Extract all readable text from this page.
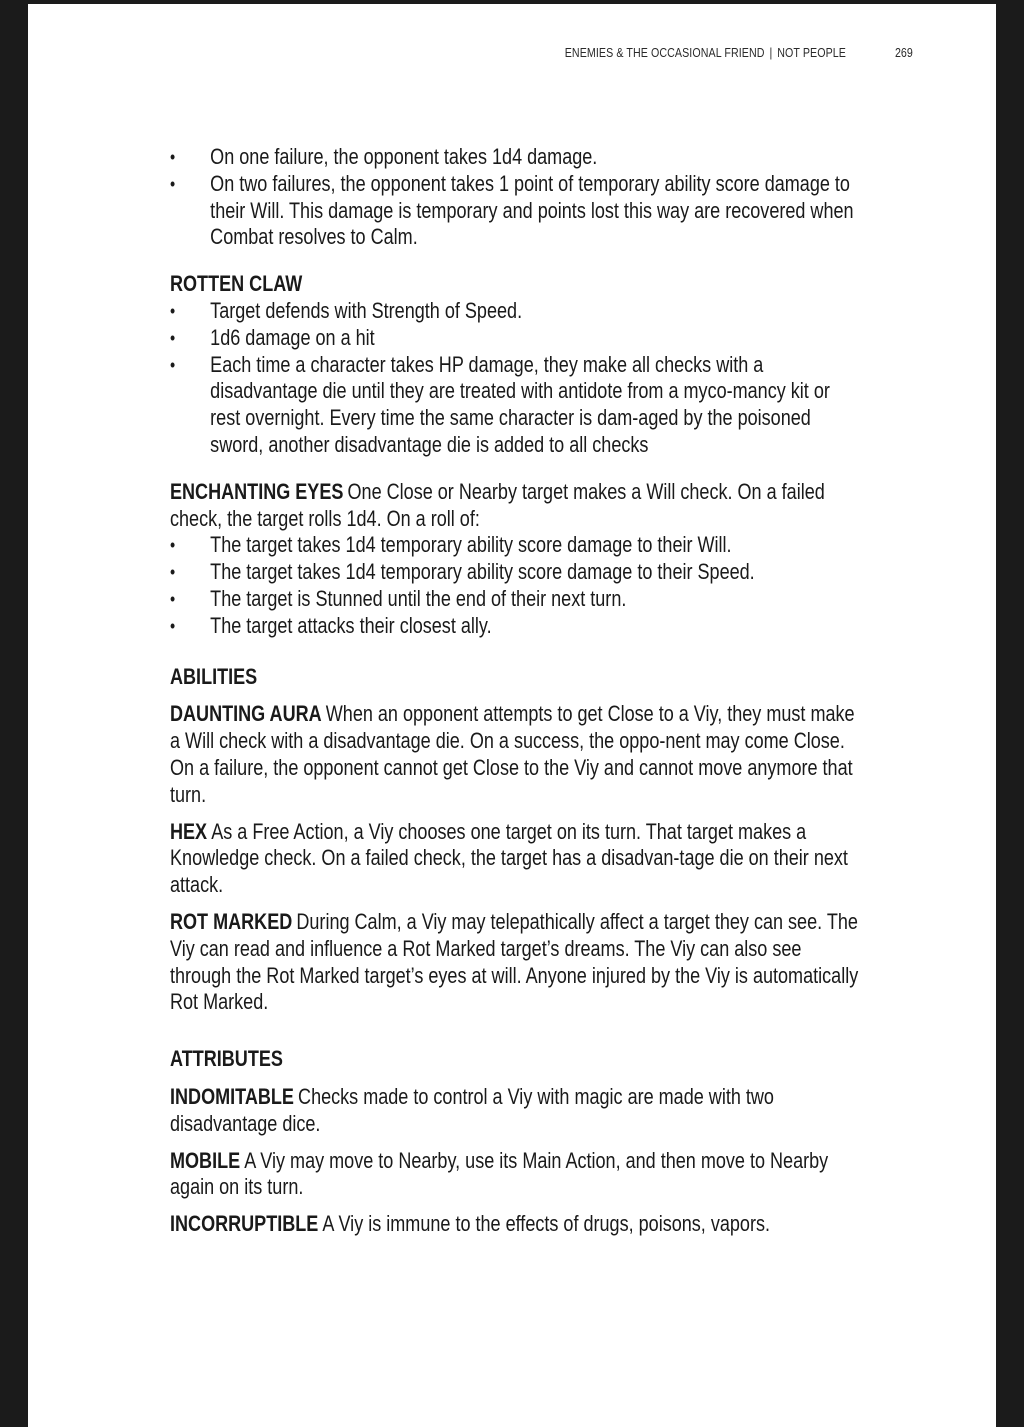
ENEMIES & THE OCCASIONAL FRIEND | NOT PEOPLE	269
• On one failure, the opponent takes 1d4 damage.
• On two failures, the opponent takes 1 point of temporary ability score damage to their Will. This damage is temporary and points lost this way are recovered when Combat resolves to Calm.
ROTTEN CLAW
• Target defends with Strength of Speed.
• 1d6 damage on a hit
• Each time a character takes HP damage, they make all checks with a disadvantage die until they are treated with antidote from a myco-mancy kit or rest overnight. Every time the same character is dam-aged by the poisoned sword, another disadvantage die is added to all checks

ENCHANTING EYES One Close or Nearby target makes a Will check. On a failed check, the target rolls 1d4. On a roll of:

• The target takes 1d4 temporary ability score damage to their Will.
• The target takes 1d4 temporary ability score damage to their Speed.
• The target is Stunned until the end of their next turn.
• The target attacks their closest ally.
ABILITIES

DAUNTING AURA When an opponent attempts to get Close to a Viy, they must make a Will check with a disadvantage die. On a success, the oppo-nent may come Close. On a failure, the opponent cannot get Close to the Viy and cannot move anymore that turn.

HEX As a Free Action, a Viy chooses one target on its turn. That target makes a Knowledge check. On a failed check, the target has a disadvan-tage die on their next attack.

ROT MARKED During Calm, a Viy may telepathically affect a target they can see. The Viy can read and influence a Rot Marked target’s dreams. The Viy can also see through the Rot Marked target’s eyes at will. Anyone injured by the Viy is automatically Rot Marked.

ATTRIBUTES

INDOMITABLE Checks made to control a Viy with magic are made with two disadvantage dice.

MOBILE A Viy may move to Nearby, use its Main Action, and then move to Nearby again on its turn.

INCORRUPTIBLE A Viy is immune to the effects of drugs, poisons, vapors.
